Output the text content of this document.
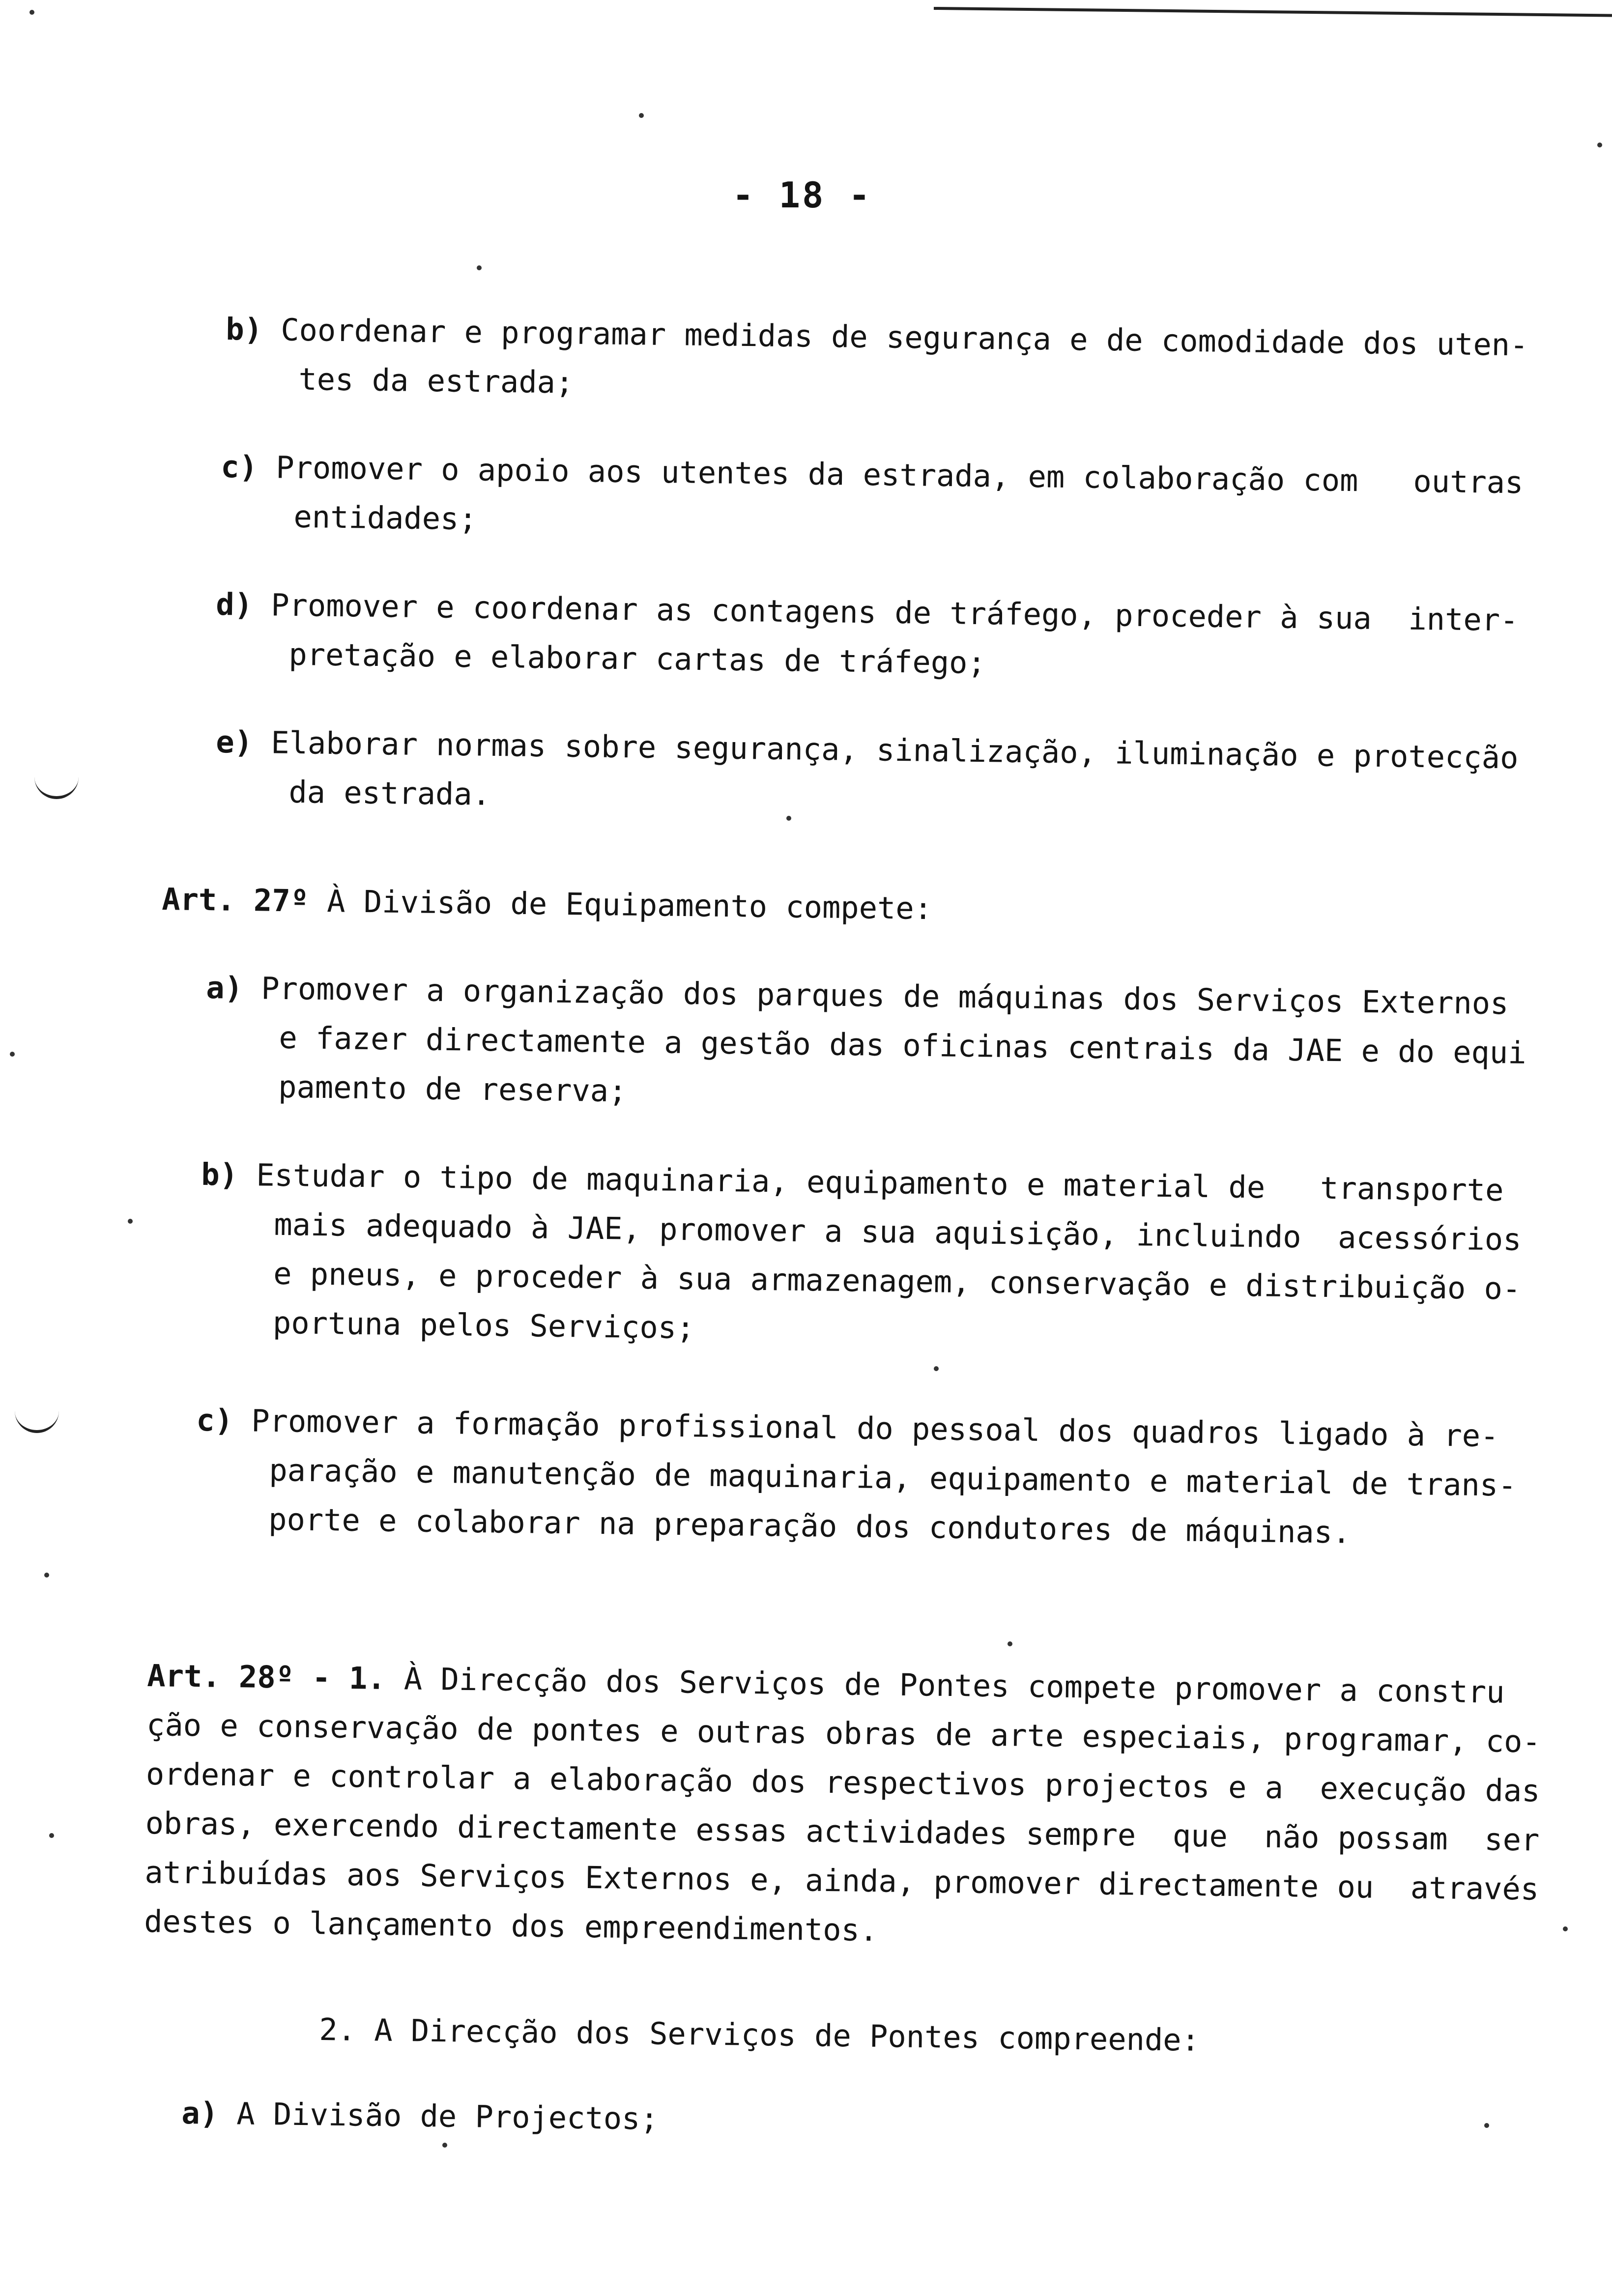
- 18 -
b) Coordenar e programar medidas de segurança e de comodidade dos uten-
tes da estrada;
c) Promover o apoio aos utentes da estrada, em colaboração com   outras
entidades;
d) Promover e coordenar as contagens de tráfego, proceder à sua  inter-
pretação e elaborar cartas de tráfego;
e) Elaborar normas sobre segurança, sinalização, iluminação e protecção
da estrada.
Art. 27º À Divisão de Equipamento compete:
a) Promover a organização dos parques de máquinas dos Serviços Externos
e fazer directamente a gestão das oficinas centrais da JAE e do equi
pamento de reserva;
b) Estudar o tipo de maquinaria, equipamento e material de   transporte
mais adequado à JAE, promover a sua aquisição, incluindo  acessórios
e pneus, e proceder à sua armazenagem, conservação e distribuição o-
portuna pelos Serviços;
c) Promover a formação profissional do pessoal dos quadros ligado à re-
paração e manutenção de maquinaria, equipamento e material de trans-
porte e colaborar na preparação dos condutores de máquinas.
Art. 28º - 1. À Direcção dos Serviços de Pontes compete promover a constru
ção e conservação de pontes e outras obras de arte especiais, programar, co-
ordenar e controlar a elaboração dos respectivos projectos e a  execução das
obras, exercendo directamente essas actividades sempre  que  não possam  ser
atribuídas aos Serviços Externos e, ainda, promover directamente ou  através
destes o lançamento dos empreendimentos.
2. A Direcção dos Serviços de Pontes compreende:
a) A Divisão de Projectos;
